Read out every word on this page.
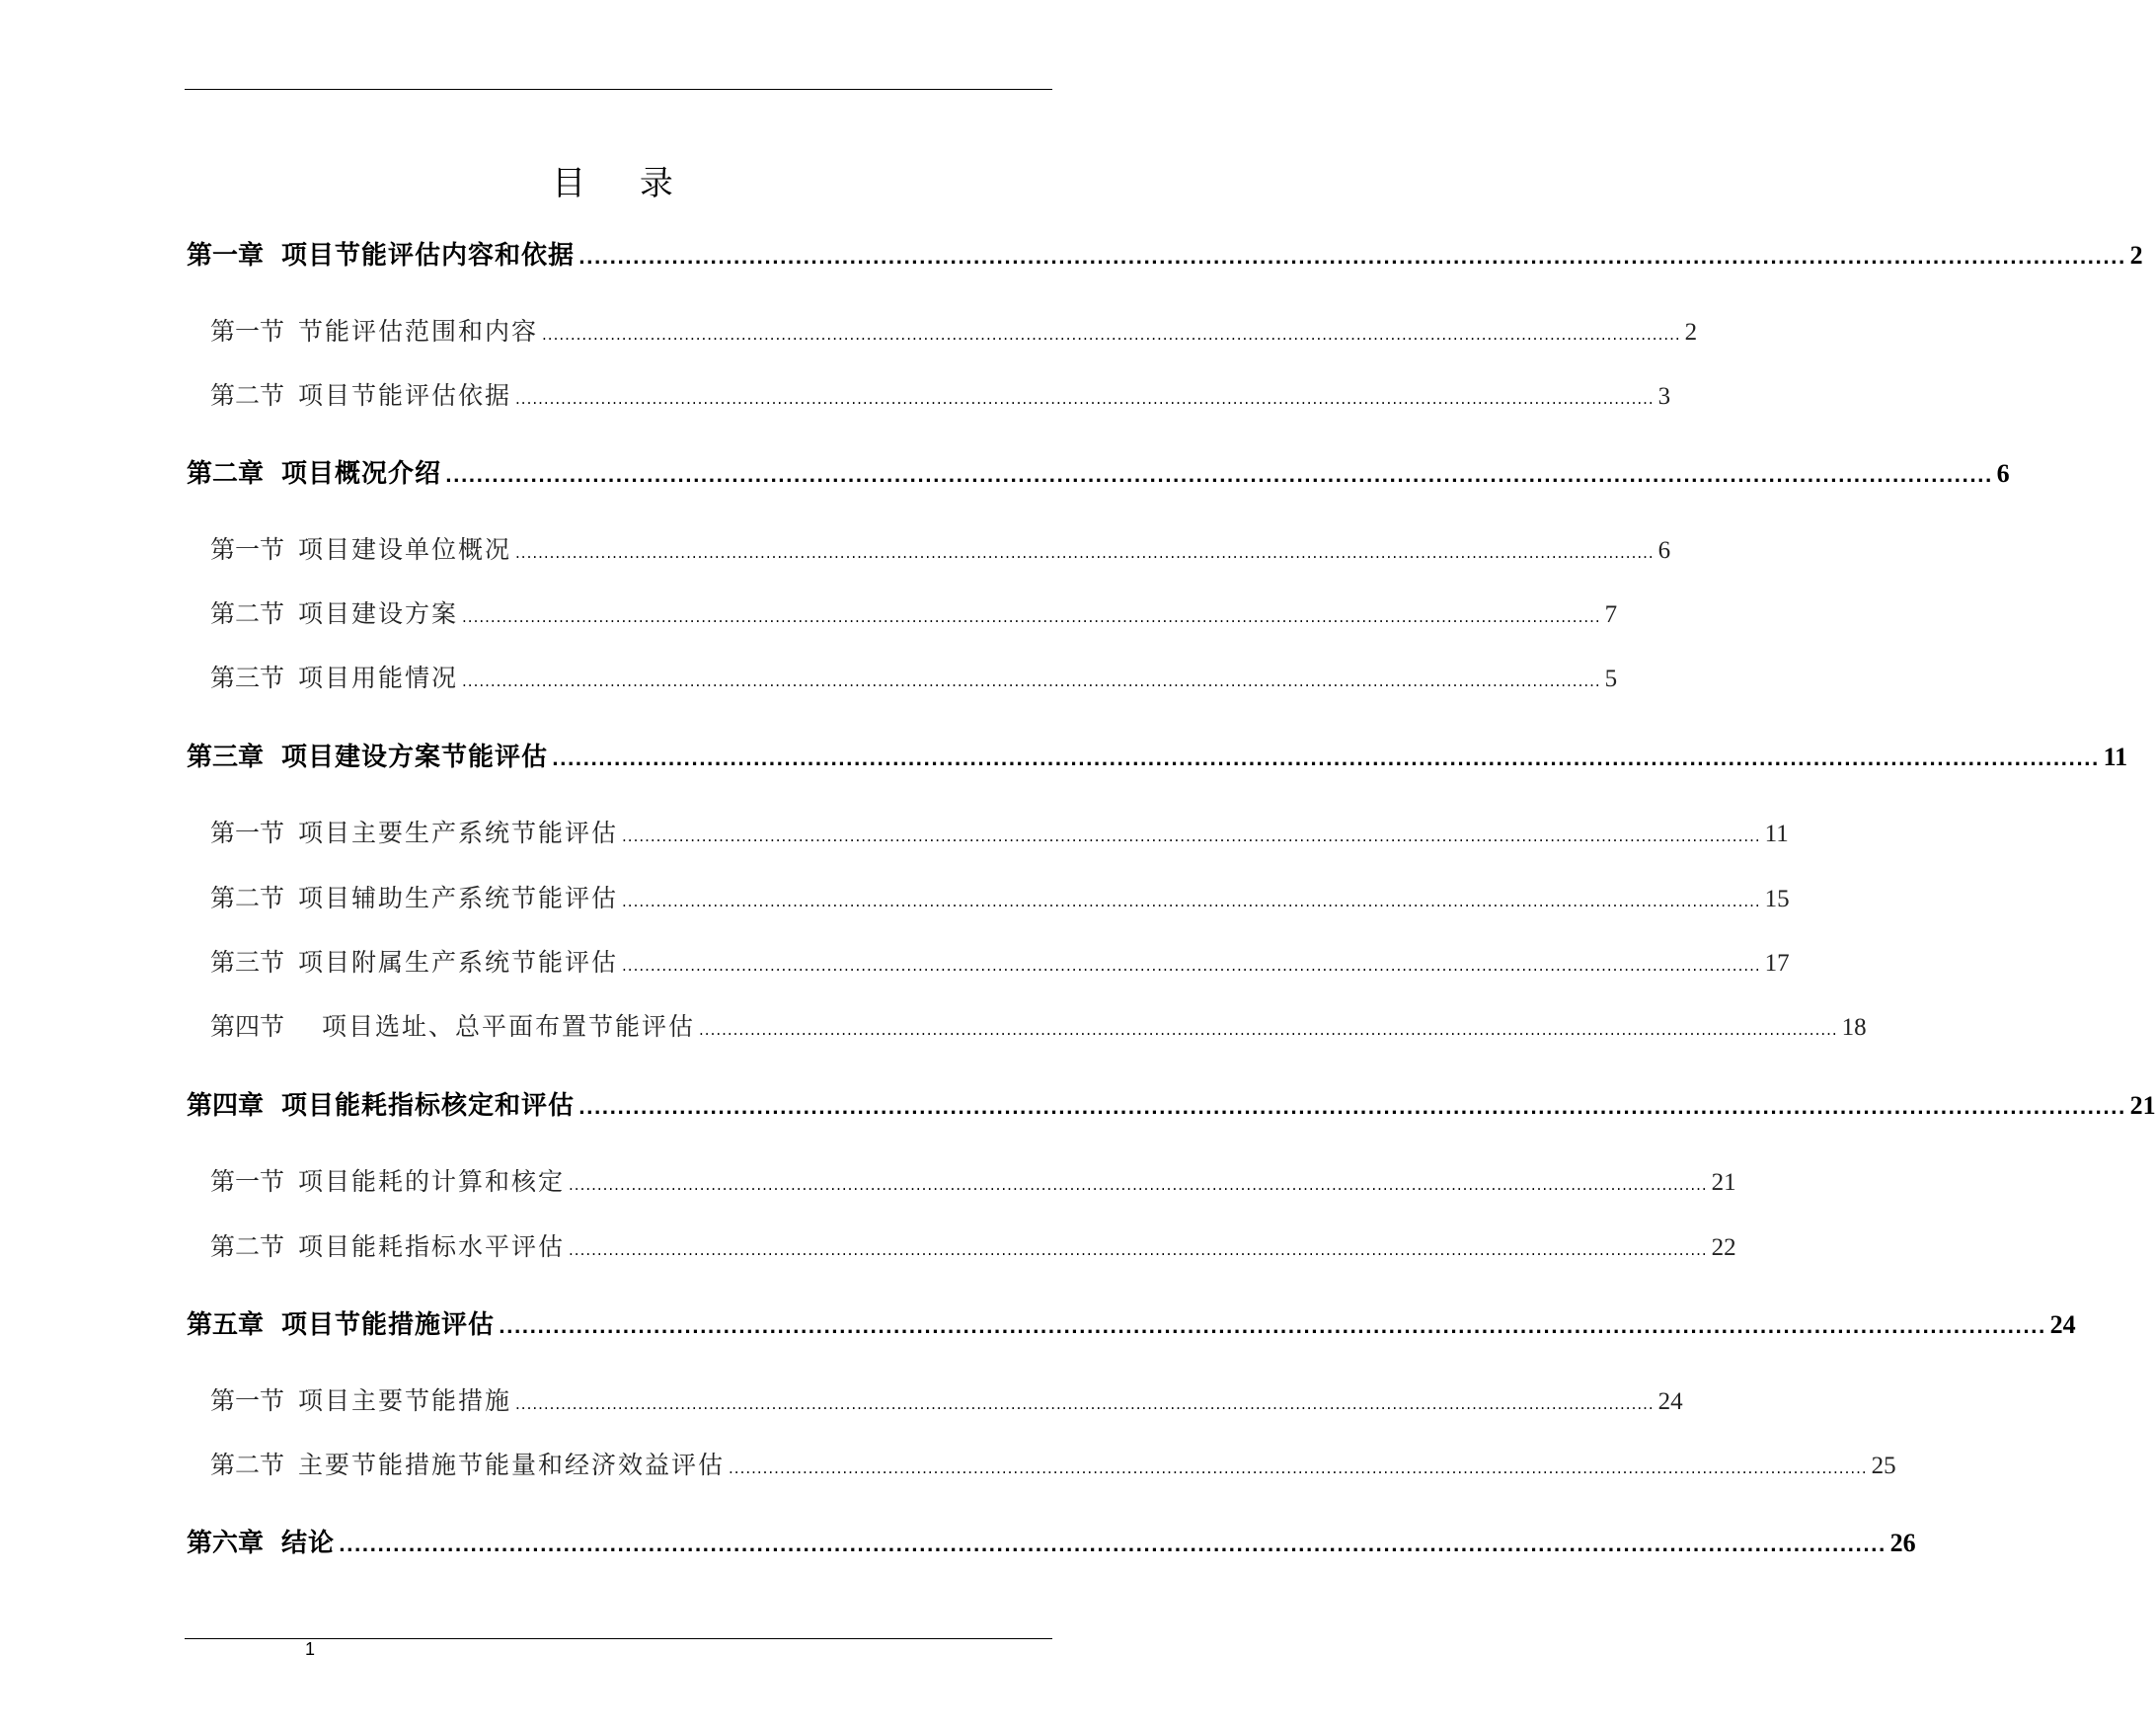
目 录
第一章 项目节能评估内容和依据 ........................................................................................................................................................................................................ 2
第一节 节能评估范围和内容 ........................................................................................................................................................................................................ 2
第二节 项目节能评估依据 ........................................................................................................................................................................................................ 3
第二章 项目概况介绍 ........................................................................................................................................................................................................ 6
第一节 项目建设单位概况 ........................................................................................................................................................................................................ 6
第二节 项目建设方案 ........................................................................................................................................................................................................ 7
第三节 项目用能情况 ........................................................................................................................................................................................................ 5
第三章 项目建设方案节能评估 ........................................................................................................................................................................................................ 11
第一节 项目主要生产系统节能评估 ........................................................................................................................................................................................................ 11
第二节 项目辅助生产系统节能评估 ........................................................................................................................................................................................................ 15
第三节 项目附属生产系统节能评估 ........................................................................................................................................................................................................ 17
第四节 项目选址、总平面布置节能评估 ........................................................................................................................................................................................................ 18
第四章 项目能耗指标核定和评估 ........................................................................................................................................................................................................ 21
第一节 项目能耗的计算和核定 ........................................................................................................................................................................................................ 21
第二节 项目能耗指标水平评估 ........................................................................................................................................................................................................ 22
第五章 项目节能措施评估 ........................................................................................................................................................................................................ 24
第一节 项目主要节能措施 ........................................................................................................................................................................................................ 24
第二节 主要节能措施节能量和经济效益评估 ........................................................................................................................................................................................................ 25
第六章 结论 ........................................................................................................................................................................................................ 26
1
